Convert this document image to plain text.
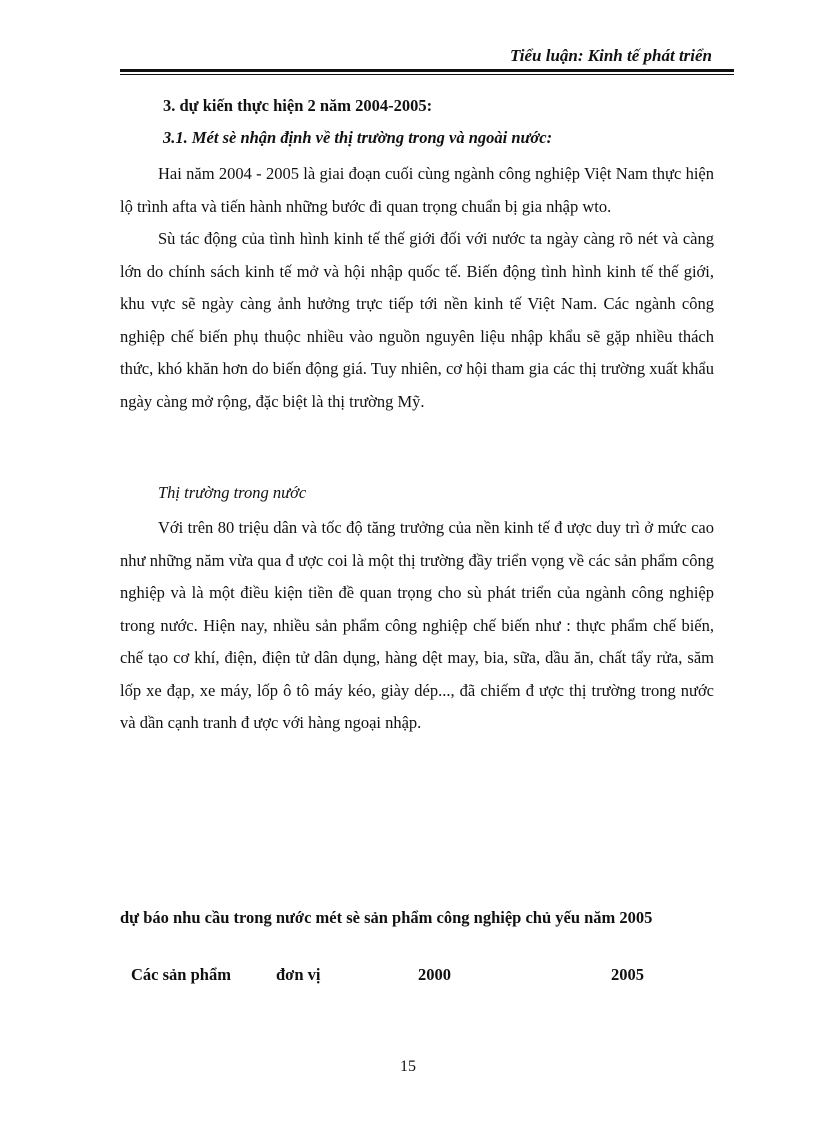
Tiểu luận: Kinh tế phát triển
3. dự kiến thực hiện 2 năm 2004-2005:
3.1. Mét sè nhận định về thị trường trong và ngoài nước:

Hai năm 2004 - 2005 là giai đoạn cuối cùng ngành công nghiệp Việt Nam thực hiện lộ trình afta và tiến hành những bước đi quan trọng chuẩn bị gia nhập wto.

Sù tác động của tình hình kinh tế thế giới đối với nước ta ngày càng rõ nét và càng lớn do chính sách kinh tế mở và hội nhập quốc tế. Biến động tình hình kinh tế thế giới, khu vực sẽ ngày càng ảnh hưởng trực tiếp tới nền kinh tế Việt Nam. Các ngành công nghiệp chế biến phụ thuộc nhiều vào nguồn nguyên liệu nhập khẩu sẽ gặp nhiều thách thức, khó khăn hơn do biến động giá. Tuy nhiên, cơ hội tham gia các thị trường xuất khẩu ngày càng mở rộng, đặc biệt là thị trường Mỹ.

Thị trường trong nước

Với trên 80 triệu dân và tốc độ tăng trưởng của nền kinh tế đ ược duy trì ở mức cao như những năm vừa qua đ ược coi là một thị trường đầy triển vọng về các sản phẩm công nghiệp và là một điều kiện tiền đề quan trọng cho sù phát triển của ngành công nghiệp trong nước. Hiện nay, nhiều sản phẩm công nghiệp chế biến như : thực phẩm chế biến, chế tạo cơ khí, điện, điện tử dân dụng, hàng dệt may, bia, sữa, dầu ăn, chất tẩy rửa, săm lốp xe đạp, xe máy, lốp ô tô máy kéo, giày dép..., đã chiếm đ ược thị trường trong nước và dần cạnh tranh đ ược với hàng ngoại nhập.

dự báo nhu cầu trong nước mét sè sản phẩm công nghiệp chủ yếu năm 2005
Các sản phẩm	đơn vị	2000	2005
15
